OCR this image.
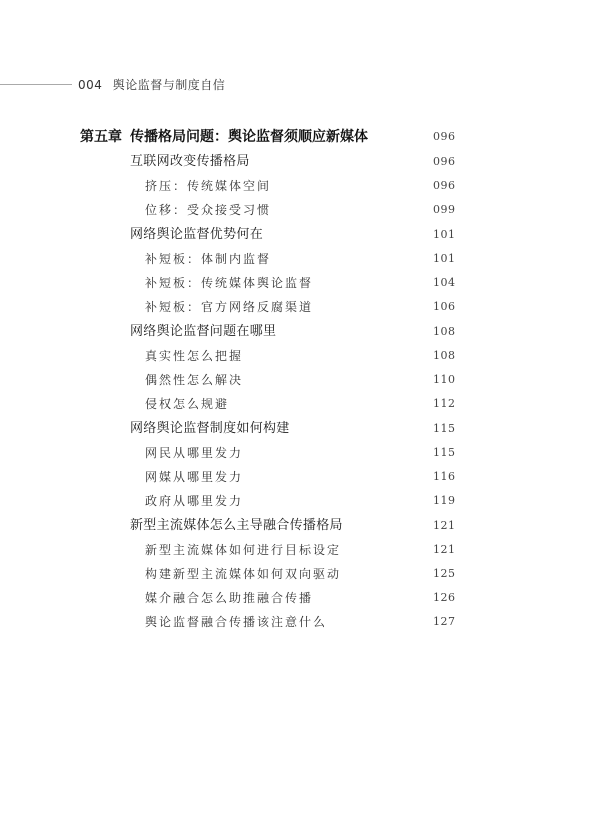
004 舆论监督与制度自信
第五章 传播格局问题：舆论监督须顺应新媒体	096
互联网改变传播格局	096
挤压：传统媒体空间	096
位移：受众接受习惯	099
网络舆论监督优势何在	101
补短板：体制内监督	101
补短板：传统媒体舆论监督	104
补短板：官方网络反腐渠道	106
网络舆论监督问题在哪里	108
真实性怎么把握	108
偶然性怎么解决	110
侵权怎么规避	112
网络舆论监督制度如何构建	115
网民从哪里发力	115
网媒从哪里发力	116
政府从哪里发力	119
新型主流媒体怎么主导融合传播格局	121
新型主流媒体如何进行目标设定	121
构建新型主流媒体如何双向驱动	125
媒介融合怎么助推融合传播	126
舆论监督融合传播该注意什么	127
